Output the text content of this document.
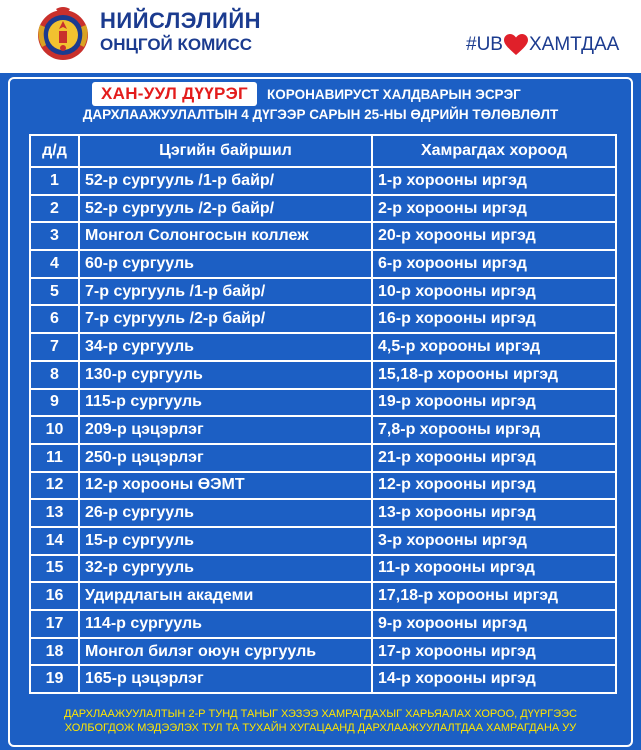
НИЙСЛЭЛИЙН
ОНЦГОЙ КОМИСС	#UB ХАМТДАА
ХАН-УУЛ ДҮҮРЭГ	КОРОНАВИРУСТ ХАЛДВАРЫН ЭСРЭГ
ДАРХЛААЖУУЛАЛТЫН 4 ДҮГЭЭР САРЫН 25-НЫ ӨДРИЙН ТӨЛӨВЛӨЛТ
д/д	Цэгийн байршил	Хамрагдах хороод
1	52-р сургууль /1-р байр/	1-р хорооны иргэд
2	52-р сургууль /2-р байр/	2-р хорооны иргэд
3	Монгол Солонгосын коллеж	20-р хорооны иргэд
4	60-р сургууль	6-р хорооны иргэд
5	7-р сургууль /1-р байр/	10-р хорооны иргэд
6	7-р сургууль /2-р байр/	16-р хорооны иргэд
7	34-р сургууль	4,5-р хорооны иргэд
8	130-р сургууль	15,18-р хорооны иргэд
9	115-р сургууль	19-р хорооны иргэд
10	209-р цэцэрлэг	7,8-р хорооны иргэд
11	250-р цэцэрлэг	21-р хорооны иргэд
12	12-р хорооны ӨЭМТ	12-р хорооны иргэд
13	26-р сургууль	13-р хорооны иргэд
14	15-р сургууль	3-р хорооны иргэд
15	32-р сургууль	11-р хорооны иргэд
16	Удирдлагын академи	17,18-р хорооны иргэд
17	114-р сургууль	9-р хорооны иргэд
18	Монгол билэг оюун сургууль	17-р хорооны иргэд
19	165-р цэцэрлэг	14-р хорооны иргэд
ДАРХЛААЖУУЛАЛТЫН 2-Р ТУНД ТАНЫГ ХЭЗЭЭ ХАМРАГДАХЫГ ХАРЬЯАЛАХ ХОРОО, ДҮҮРГЭЭС
ХОЛБОГДОЖ МЭДЭЭЛЭХ ТУЛ ТА ТУХАЙН ХУГАЦААНД ДАРХЛААЖУУЛАЛТДАА ХАМРАГДАНА УУ
